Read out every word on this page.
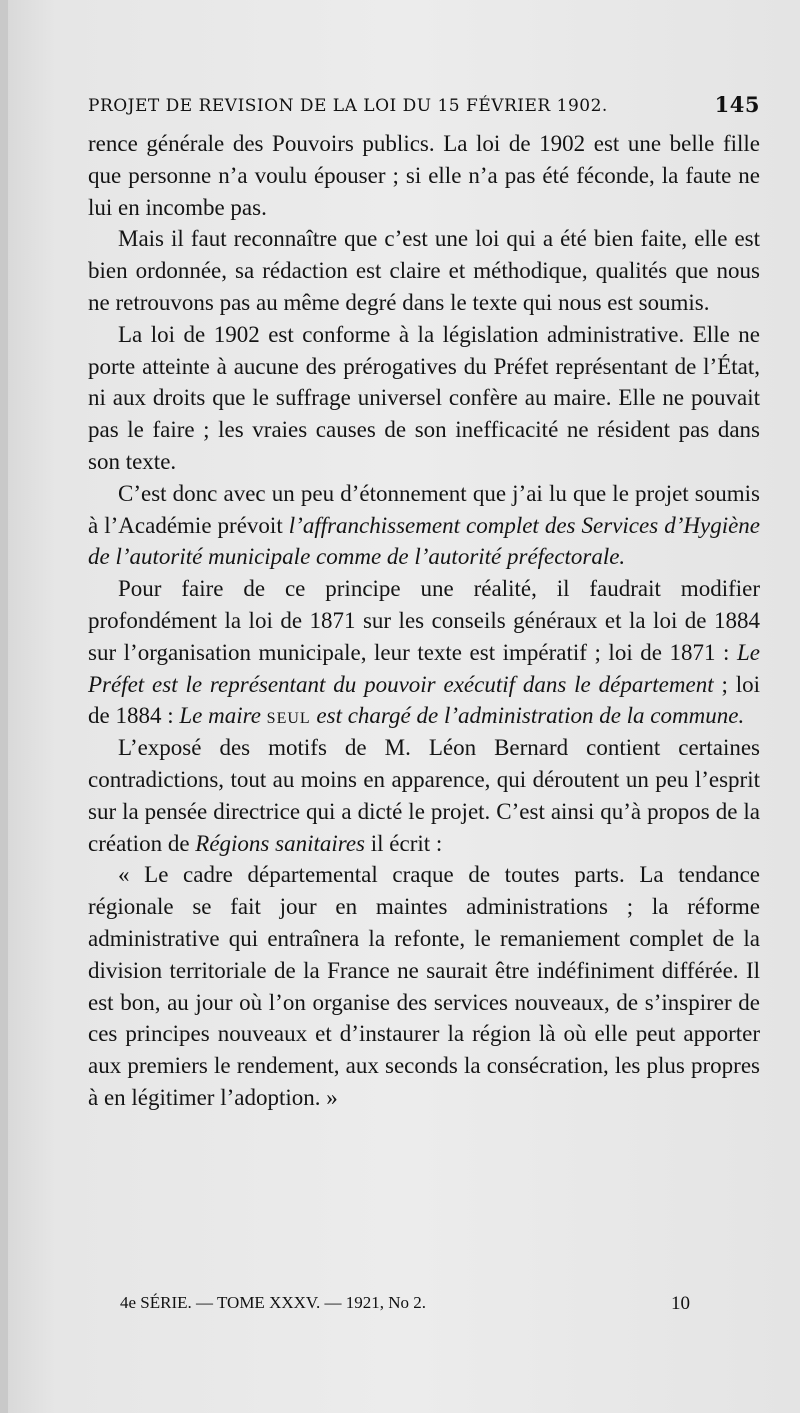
PROJET DE REVISION DE LA LOI DU 15 FÉVRIER 1902.	145

rence générale des Pouvoirs publics. La loi de 1902 est une belle fille que personne n’a voulu épouser ; si elle n’a pas été féconde, la faute ne lui en incombe pas.

Mais il faut reconnaître que c’est une loi qui a été bien faite, elle est bien ordonnée, sa rédaction est claire et méthodique, qualités que nous ne retrouvons pas au même degré dans le texte qui nous est soumis.

La loi de 1902 est conforme à la législation administrative. Elle ne porte atteinte à aucune des prérogatives du Préfet représentant de l’État, ni aux droits que le suffrage universel confère au maire. Elle ne pouvait pas le faire ; les vraies causes de son inefficacité ne résident pas dans son texte.

C’est donc avec un peu d’étonnement que j’ai lu que le projet soumis à l’Académie prévoit l’affranchissement complet des Services d’Hygiène de l’autorité municipale comme de l’autorité préfectorale.

Pour faire de ce principe une réalité, il faudrait modifier profondément la loi de 1871 sur les conseils généraux et la loi de 1884 sur l’organisation municipale, leur texte est impératif ; loi de 1871 : Le Préfet est le représentant du pouvoir exécutif dans le département ; loi de 1884 : Le maire seul est chargé de l’administration de la commune.

L’exposé des motifs de M. Léon Bernard contient certaines contradictions, tout au moins en apparence, qui déroutent un peu l’esprit sur la pensée directrice qui a dicté le projet. C’est ainsi qu’à propos de la création de Régions sanitaires il écrit :

« Le cadre départemental craque de toutes parts. La tendance régionale se fait jour en maintes administrations ; la réforme administrative qui entraînera la refonte, le remaniement complet de la division territoriale de la France ne saurait être indéfiniment différée. Il est bon, au jour où l’on organise des services nouveaux, de s’inspirer de ces principes nouveaux et d’instaurer la région là où elle peut apporter aux premiers le rendement, aux seconds la consécration, les plus propres à en légitimer l’adoption. »

4e SÉRIE. — TOME XXXV. — 1921, No 2.	10
